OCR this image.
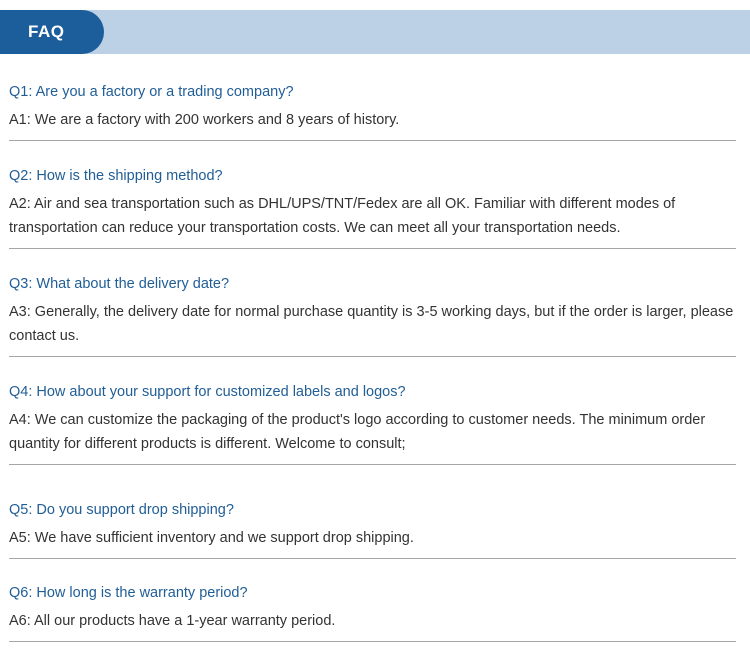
FAQ
Q1: Are you a factory or a trading company?
A1: We are a factory with 200 workers and 8 years of history.
Q2: How is the shipping method?
A2: Air and sea transportation such as DHL/UPS/TNT/Fedex are all OK. Familiar with different modes of transportation can reduce your transportation costs. We can meet all your transportation needs.
Q3: What about the delivery date?
A3: Generally, the delivery date for normal purchase quantity is 3-5 working days, but if the order is larger, please contact us.
Q4: How about your support for customized labels and logos?
A4: We can customize the packaging of the product's logo according to customer needs. The minimum order quantity for different products is different. Welcome to consult;
Q5: Do you support drop shipping?
A5: We have sufficient inventory and we support drop shipping.
Q6: How long is the warranty period?
A6: All our products have a 1-year warranty period.
